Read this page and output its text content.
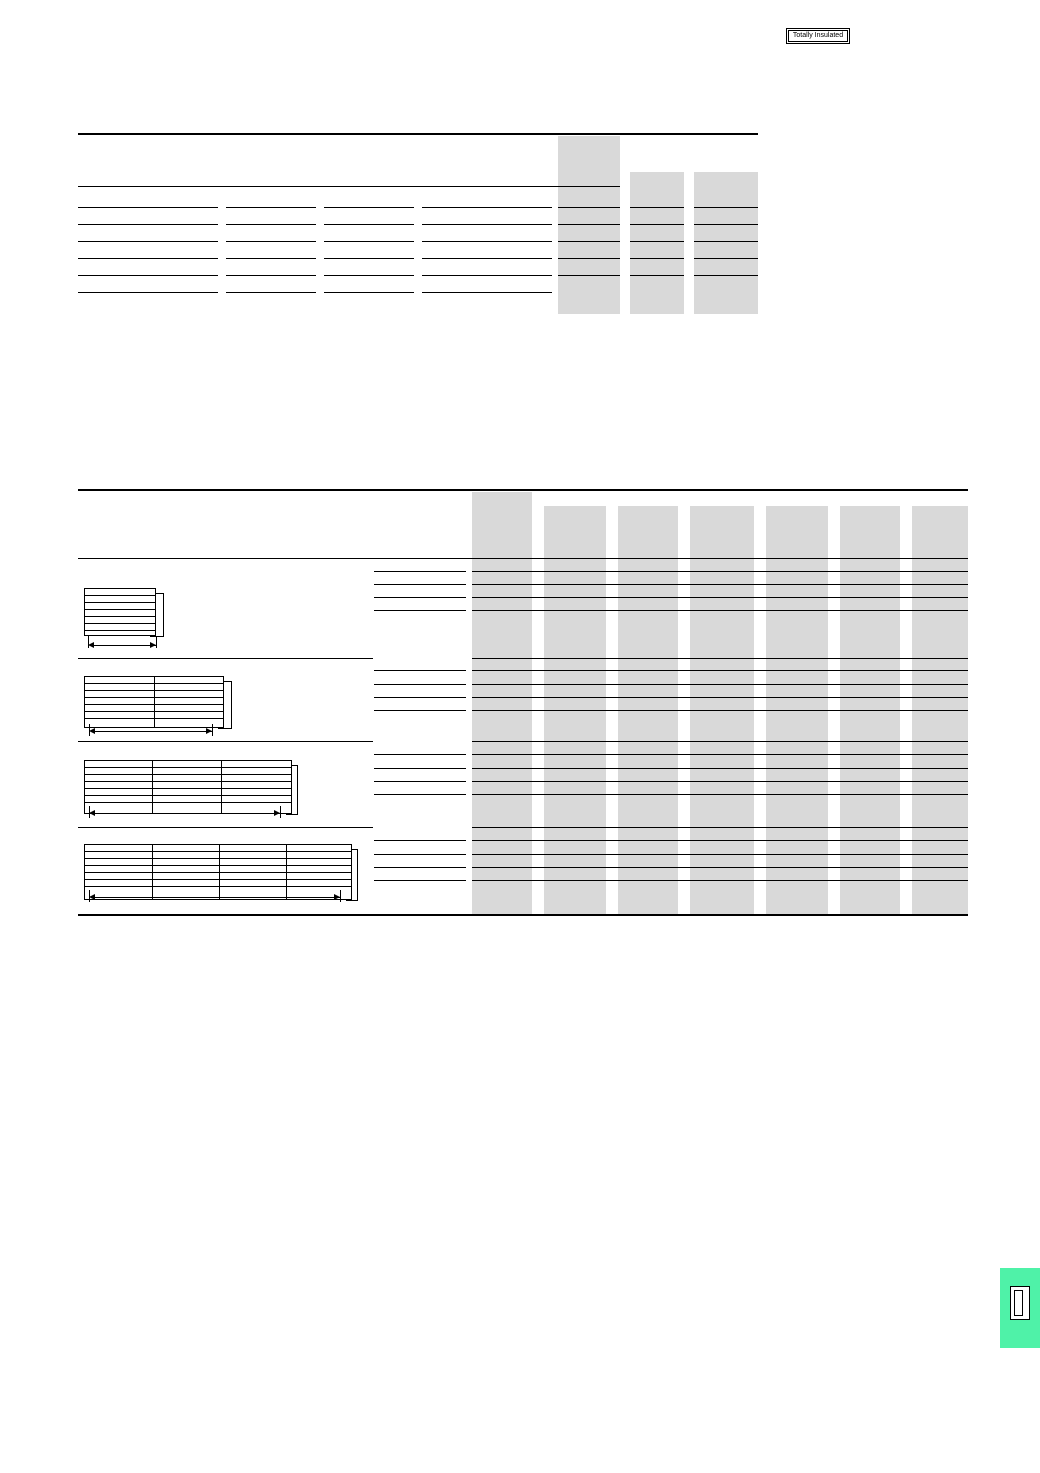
Totally Insulated
